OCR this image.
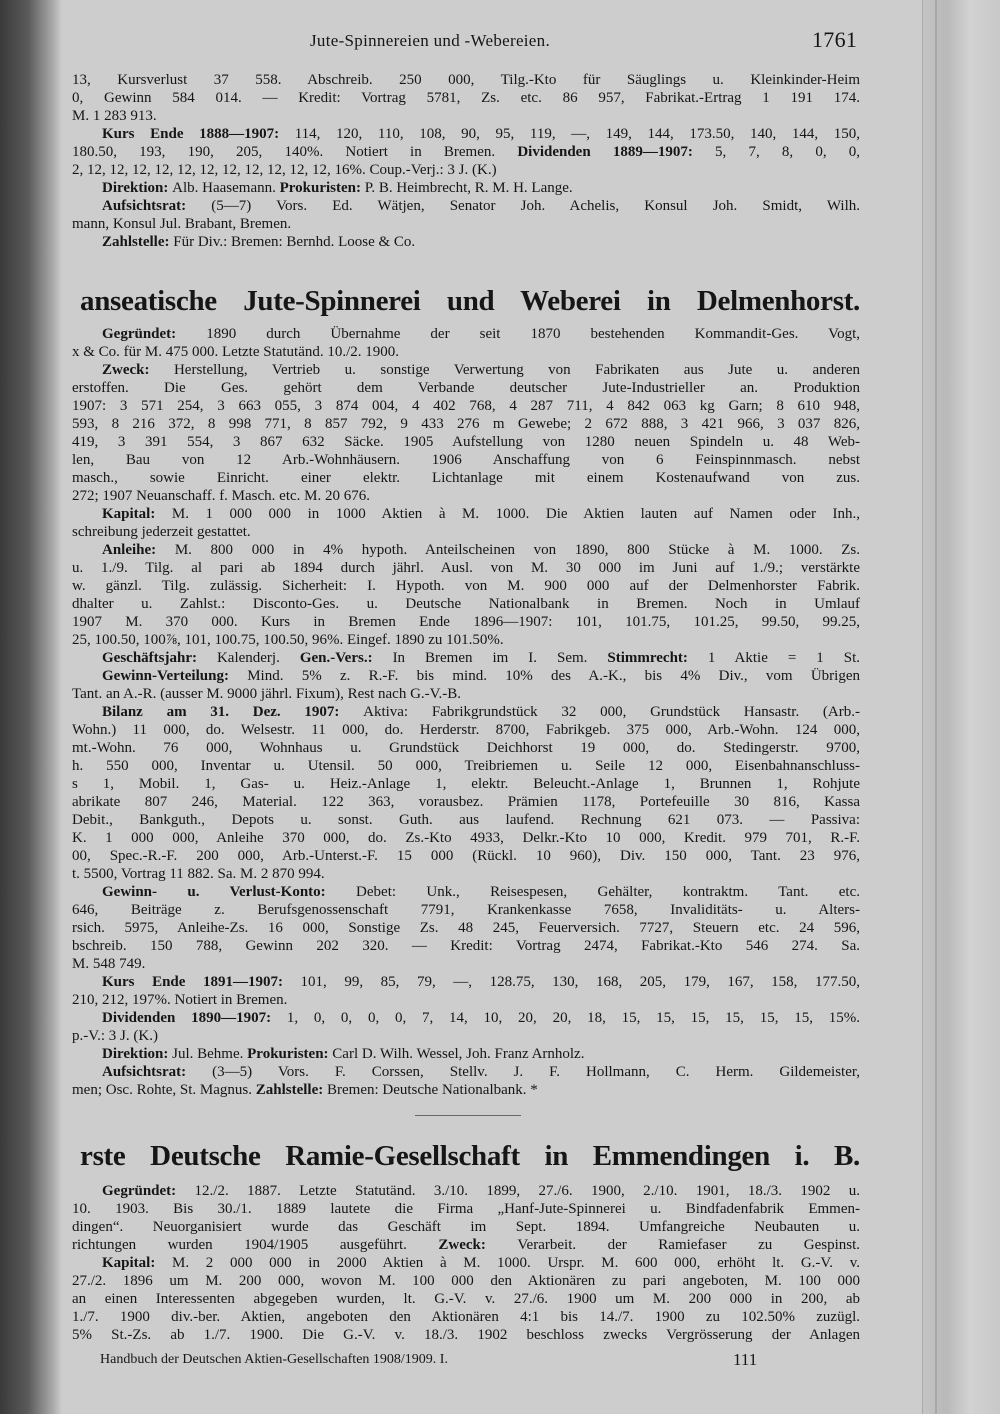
Jute-Spinnereien und -Webereien.	1761
13, Kursverlust 37 558. Abschreib. 250 000, Tilg.-Kto für Säuglings u. Kleinkinder-Heim
0, Gewinn 584 014. — Kredit: Vortrag 5781, Zs. etc. 86 957, Fabrikat.-Ertrag 1 191 174.
M. 1 283 913.
Kurs Ende 1888—1907: 114, 120, 110, 108, 90, 95, 119, —, 149, 144, 173.50, 140, 144, 150,
180.50, 193, 190, 205, 140%. Notiert in Bremen. Dividenden 1889—1907: 5, 7, 8, 0, 0,
2, 12, 12, 12, 12, 12, 12, 12, 12, 12, 12, 12, 16%. Coup.-Verj.: 3 J. (K.)
Direktion: Alb. Haasemann. Prokuristen: P. B. Heimbrecht, R. M. H. Lange.
Aufsichtsrat: (5—7) Vors. Ed. Wätjen, Senator Joh. Achelis, Konsul Joh. Smidt, Wilh.
mann, Konsul Jul. Brabant, Bremen.
Zahlstelle: Für Div.: Bremen: Bernhd. Loose & Co.
anseatische Jute-Spinnerei und Weberei in Delmenhorst.
Gegründet: 1890 durch Übernahme der seit 1870 bestehenden Kommandit-Ges. Vogt,
x & Co. für M. 475 000. Letzte Statutänd. 10./2. 1900.
Zweck: Herstellung, Vertrieb u. sonstige Verwertung von Fabrikaten aus Jute u. anderen
erstoffen. Die Ges. gehört dem Verbande deutscher Jute-Industrieller an. Produktion
1907: 3 571 254, 3 663 055, 3 874 004, 4 402 768, 4 287 711, 4 842 063 kg Garn; 8 610 948,
593, 8 216 372, 8 998 771, 8 857 792, 9 433 276 m Gewebe; 2 672 888, 3 421 966, 3 037 826,
419, 3 391 554, 3 867 632 Säcke. 1905 Aufstellung von 1280 neuen Spindeln u. 48 Web-
len, Bau von 12 Arb.-Wohnhäusern. 1906 Anschaffung von 6 Feinspinnmasch. nebst
masch., sowie Einricht. einer elektr. Lichtanlage mit einem Kostenaufwand von zus.
272; 1907 Neuanschaff. f. Masch. etc. M. 20 676.
Kapital: M. 1 000 000 in 1000 Aktien à M. 1000. Die Aktien lauten auf Namen oder Inh.,
schreibung jederzeit gestattet.
Anleihe: M. 800 000 in 4% hypoth. Anteilscheinen von 1890, 800 Stücke à M. 1000. Zs.
u. 1./9. Tilg. al pari ab 1894 durch jährl. Ausl. von M. 30 000 im Juni auf 1./9.; verstärkte
w. gänzl. Tilg. zulässig. Sicherheit: I. Hypoth. von M. 900 000 auf der Delmenhorster Fabrik.
dhalter u. Zahlst.: Disconto-Ges. u. Deutsche Nationalbank in Bremen. Noch in Umlauf
1907 M. 370 000. Kurs in Bremen Ende 1896—1907: 101, 101.75, 101.25, 99.50, 99.25,
25, 100.50, 100⅞, 101, 100.75, 100.50, 96%. Eingef. 1890 zu 101.50%.
Geschäftsjahr: Kalenderj. Gen.-Vers.: In Bremen im I. Sem. Stimmrecht: 1 Aktie = 1 St.
Gewinn-Verteilung: Mind. 5% z. R.-F. bis mind. 10% des A.-K., bis 4% Div., vom Übrigen
Tant. an A.-R. (ausser M. 9000 jährl. Fixum), Rest nach G.-V.-B.
Bilanz am 31. Dez. 1907: Aktiva: Fabrikgrundstück 32 000, Grundstück Hansastr. (Arb.-
Wohn.) 11 000, do. Welsestr. 11 000, do. Herderstr. 8700, Fabrikgeb. 375 000, Arb.-Wohn. 124 000,
mt.-Wohn. 76 000, Wohnhaus u. Grundstück Deichhorst 19 000, do. Stedingerstr. 9700,
h. 550 000, Inventar u. Utensil. 50 000, Treibriemen u. Seile 12 000, Eisenbahnanschluss-
s 1, Mobil. 1, Gas- u. Heiz.-Anlage 1, elektr. Beleucht.-Anlage 1, Brunnen 1, Rohjute
abrikate 807 246, Material. 122 363, vorausbez. Prämien 1178, Portefeuille 30 816, Kassa
Debit., Bankguth., Depots u. sonst. Guth. aus laufend. Rechnung 621 073. — Passiva:
K. 1 000 000, Anleihe 370 000, do. Zs.-Kto 4933, Delkr.-Kto 10 000, Kredit. 979 701, R.-F.
00, Spec.-R.-F. 200 000, Arb.-Unterst.-F. 15 000 (Rückl. 10 960), Div. 150 000, Tant. 23 976,
t. 5500, Vortrag 11 882. Sa. M. 2 870 994.
Gewinn- u. Verlust-Konto: Debet: Unk., Reisespesen, Gehälter, kontraktm. Tant. etc.
646, Beiträge z. Berufsgenossenschaft 7791, Krankenkasse 7658, Invaliditäts- u. Alters-
rsich. 5975, Anleihe-Zs. 16 000, Sonstige Zs. 48 245, Feuerversich. 7727, Steuern etc. 24 596,
bschreib. 150 788, Gewinn 202 320. — Kredit: Vortrag 2474, Fabrikat.-Kto 546 274. Sa.
M. 548 749.
Kurs Ende 1891—1907: 101, 99, 85, 79, —, 128.75, 130, 168, 205, 179, 167, 158, 177.50,
210, 212, 197%. Notiert in Bremen.
Dividenden 1890—1907: 1, 0, 0, 0, 0, 7, 14, 10, 20, 20, 18, 15, 15, 15, 15, 15, 15, 15%.
p.-V.: 3 J. (K.)
Direktion: Jul. Behme. Prokuristen: Carl D. Wilh. Wessel, Joh. Franz Arnholz.
Aufsichtsrat: (3—5) Vors. F. Corssen, Stellv. J. F. Hollmann, C. Herm. Gildemeister,
men; Osc. Rohte, St. Magnus. Zahlstelle: Bremen: Deutsche Nationalbank. *
rste Deutsche Ramie-Gesellschaft in Emmendingen i. B.
Gegründet: 12./2. 1887. Letzte Statutänd. 3./10. 1899, 27./6. 1900, 2./10. 1901, 18./3. 1902 u.
10. 1903. Bis 30./1. 1889 lautete die Firma „Hanf-Jute-Spinnerei u. Bindfadenfabrik Emmen-
dingen“. Neuorganisiert wurde das Geschäft im Sept. 1894. Umfangreiche Neubauten u.
richtungen wurden 1904/1905 ausgeführt. Zweck: Verarbeit. der Ramiefaser zu Gespinst.
Kapital: M. 2 000 000 in 2000 Aktien à M. 1000. Urspr. M. 600 000, erhöht lt. G.-V. v.
27./2. 1896 um M. 200 000, wovon M. 100 000 den Aktionären zu pari angeboten, M. 100 000
an einen Interessenten abgegeben wurden, lt. G.-V. v. 27./6. 1900 um M. 200 000 in 200, ab
1./7. 1900 div.-ber. Aktien, angeboten den Aktionären 4:1 bis 14./7. 1900 zu 102.50% zuzügl.
5% St.-Zs. ab 1./7. 1900. Die G.-V. v. 18./3. 1902 beschloss zwecks Vergrösserung der Anlagen
Handbuch der Deutschen Aktien-Gesellschaften 1908/1909. I.	111
